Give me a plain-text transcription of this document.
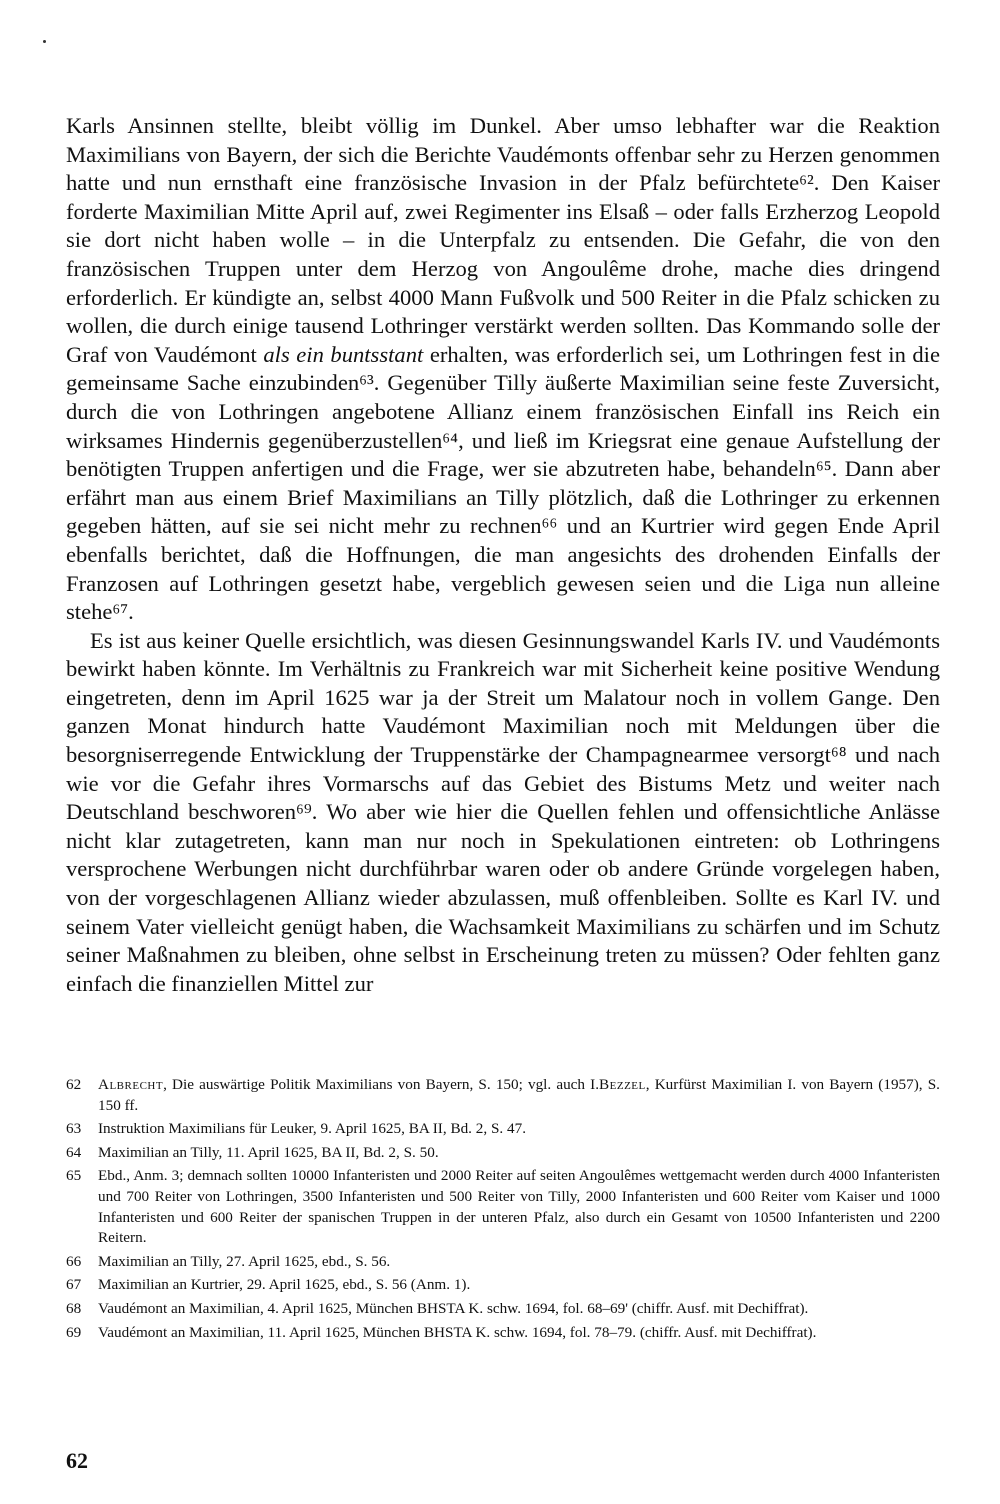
Karls Ansinnen stellte, bleibt völlig im Dunkel. Aber umso lebhafter war die Reaktion Maximilians von Bayern, der sich die Berichte Vaudémonts offenbar sehr zu Herzen genommen hatte und nun ernsthaft eine französische Invasion in der Pfalz befürchtete⁶². Den Kaiser forderte Maximilian Mitte April auf, zwei Regimenter ins Elsaß – oder falls Erzherzog Leopold sie dort nicht haben wolle – in die Unterpfalz zu entsenden. Die Gefahr, die von den französischen Truppen unter dem Herzog von Angoulême drohe, mache dies dringend erforderlich. Er kündigte an, selbst 4000 Mann Fußvolk und 500 Reiter in die Pfalz schicken zu wollen, die durch einige tausend Lothringer verstärkt werden sollten. Das Kommando solle der Graf von Vaudémont als ein buntsstant erhalten, was erforderlich sei, um Lothringen fest in die gemeinsame Sache einzubinden⁶³. Gegenüber Tilly äußerte Maximilian seine feste Zuversicht, durch die von Lothringen angebotene Allianz einem französischen Einfall ins Reich ein wirksames Hindernis gegenüberzustellen⁶⁴, und ließ im Kriegsrat eine genaue Aufstellung der benötigten Truppen anfertigen und die Frage, wer sie abzutreten habe, behandeln⁶⁵. Dann aber erfährt man aus einem Brief Maximilians an Tilly plötzlich, daß die Lothringer zu erkennen gegeben hätten, auf sie sei nicht mehr zu rechnen⁶⁶ und an Kurtrier wird gegen Ende April ebenfalls berichtet, daß die Hoffnungen, die man angesichts des drohenden Einfalls der Franzosen auf Lothringen gesetzt habe, vergeblich gewesen seien und die Liga nun alleine stehe⁶⁷.

Es ist aus keiner Quelle ersichtlich, was diesen Gesinnungswandel Karls IV. und Vaudémonts bewirkt haben könnte. Im Verhältnis zu Frankreich war mit Sicherheit keine positive Wendung eingetreten, denn im April 1625 war ja der Streit um Malatour noch in vollem Gange. Den ganzen Monat hindurch hatte Vaudémont Maximilian noch mit Meldungen über die besorgniserregende Entwicklung der Truppenstärke der Champagnearmee versorgt⁶⁸ und nach wie vor die Gefahr ihres Vormarschs auf das Gebiet des Bistums Metz und weiter nach Deutschland beschworen⁶⁹. Wo aber wie hier die Quellen fehlen und offensichtliche Anlässe nicht klar zutagetreten, kann man nur noch in Spekulationen eintreten: ob Lothringens versprochene Werbungen nicht durchführbar waren oder ob andere Gründe vorgelegen haben, von der vorgeschlagenen Allianz wieder abzulassen, muß offenbleiben. Sollte es Karl IV. und seinem Vater vielleicht genügt haben, die Wachsamkeit Maximilians zu schärfen und im Schutz seiner Maßnahmen zu bleiben, ohne selbst in Erscheinung treten zu müssen? Oder fehlten ganz einfach die finanziellen Mittel zur

62 Albrecht, Die auswärtige Politik Maximilians von Bayern, S. 150; vgl. auch I.Bezzel, Kurfürst Maximilian I. von Bayern (1957), S. 150 ff.
63 Instruktion Maximilians für Leuker, 9. April 1625, BA II, Bd. 2, S. 47.
64 Maximilian an Tilly, 11. April 1625, BA II, Bd. 2, S. 50.
65 Ebd., Anm. 3; demnach sollten 10000 Infanteristen und 2000 Reiter auf seiten Angoulêmes wettgemacht werden durch 4000 Infanteristen und 700 Reiter von Lothringen, 3500 Infanteristen und 500 Reiter von Tilly, 2000 Infanteristen und 600 Reiter vom Kaiser und 1000 Infanteristen und 600 Reiter der spanischen Truppen in der unteren Pfalz, also durch ein Gesamt von 10500 Infanteristen und 2200 Reitern.
66 Maximilian an Tilly, 27. April 1625, ebd., S. 56.
67 Maximilian an Kurtrier, 29. April 1625, ebd., S. 56 (Anm. 1).
68 Vaudémont an Maximilian, 4. April 1625, München BHSTA K. schw. 1694, fol. 68–69' (chiffr. Ausf. mit Dechiffrat).
69 Vaudémont an Maximilian, 11. April 1625, München BHSTA K. schw. 1694, fol. 78–79. (chiffr. Ausf. mit Dechiffrat).
62
